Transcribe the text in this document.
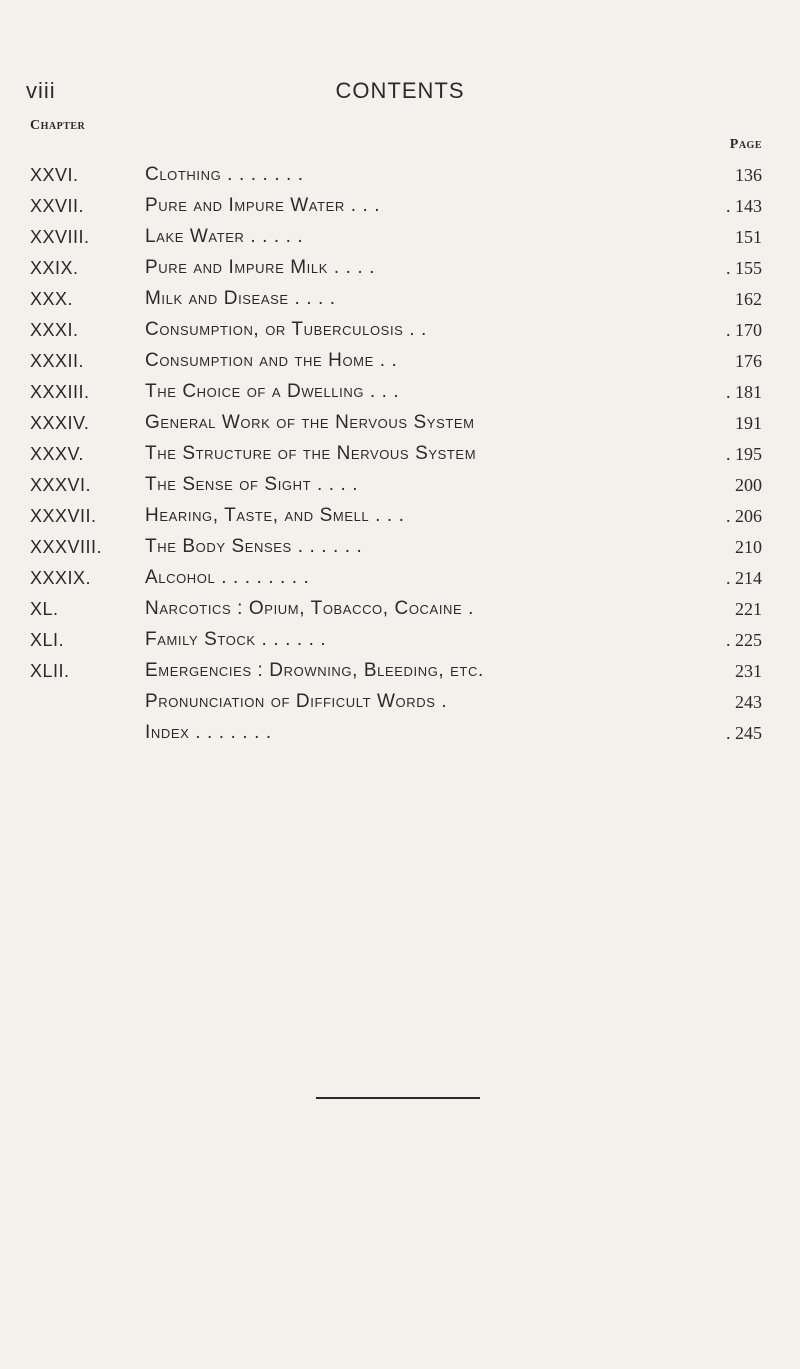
viii	CONTENTS
Chapter
Page
XXVI.	Clothing . . . . . . .	136
XXVII.	Pure and Impure Water . . .	. 143
XXVIII.	Lake Water . . . . .	151
XXIX.	Pure and Impure Milk . . . .	. 155
XXX.	Milk and Disease . . . .	162
XXXI.	Consumption, or Tuberculosis . .	. 170
XXXII.	Consumption and the Home . .	176
XXXIII.	The Choice of a Dwelling . . .	. 181
XXXIV.	General Work of the Nervous System	191
XXXV.	The Structure of the Nervous System	. 195
XXXVI.	The Sense of Sight . . . .	200
XXXVII.	Hearing, Taste, and Smell . . .	. 206
XXXVIII. The Body Senses . . . . . .	210
XXXIX.	Alcohol . . . . . . . .	. 214
XL.	Narcotics : Opium, Tobacco, Cocaine .	221
XLI.	Family Stock . . . . . .	. 225
XLII.	Emergencies : Drowning, Bleeding, etc.	231
Pronunciation of Difficult Words .	243
Index . . . . . . .	. 245
